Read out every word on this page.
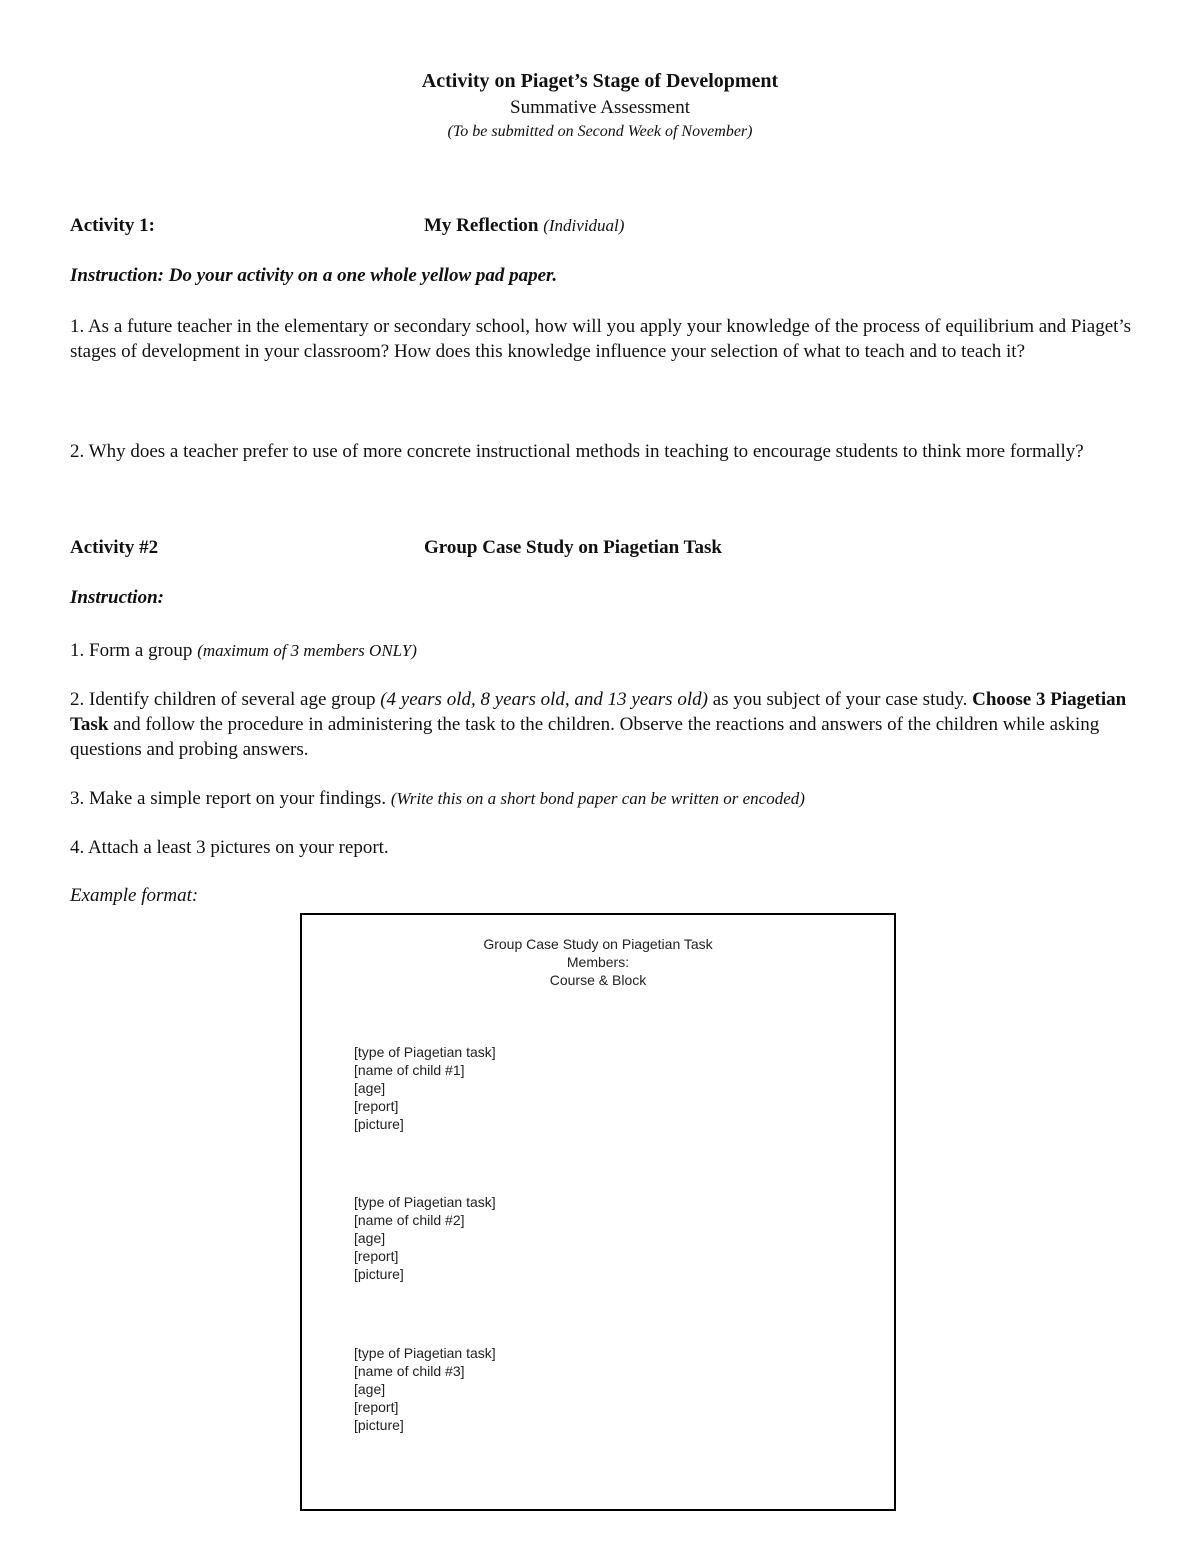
Activity on Piaget’s Stage of Development
Summative Assessment
(To be submitted on Second Week of November)
Activity 1:	My Reflection (Individual)
Instruction: Do your activity on a one whole yellow pad paper.
1. As a future teacher in the elementary or secondary school, how will you apply your knowledge of the process of equilibrium and Piaget’s stages of development in your classroom? How does this knowledge influence your selection of what to teach and to teach it?
2. Why does a teacher prefer to use of more concrete instructional methods in teaching to encourage students to think more formally?
Activity #2	Group Case Study on Piagetian Task
Instruction:
1. Form a group (maximum of 3 members ONLY)
2. Identify children of several age group (4 years old, 8 years old, and 13 years old) as you subject of your case study. Choose 3 Piagetian Task and follow the procedure in administering the task to the children. Observe the reactions and answers of the children while asking questions and probing answers.
3. Make a simple report on your findings. (Write this on a short bond paper can be written or encoded)
4. Attach a least 3 pictures on your report.
Example format:
Group Case Study on Piagetian Task
Members:
Course & Block
[type of Piagetian task]
[name of child #1]
[age]
[report]
[picture]
[type of Piagetian task]
[name of child #2]
[age]
[report]
[picture]
[type of Piagetian task]
[name of child #3]
[age]
[report]
[picture]
